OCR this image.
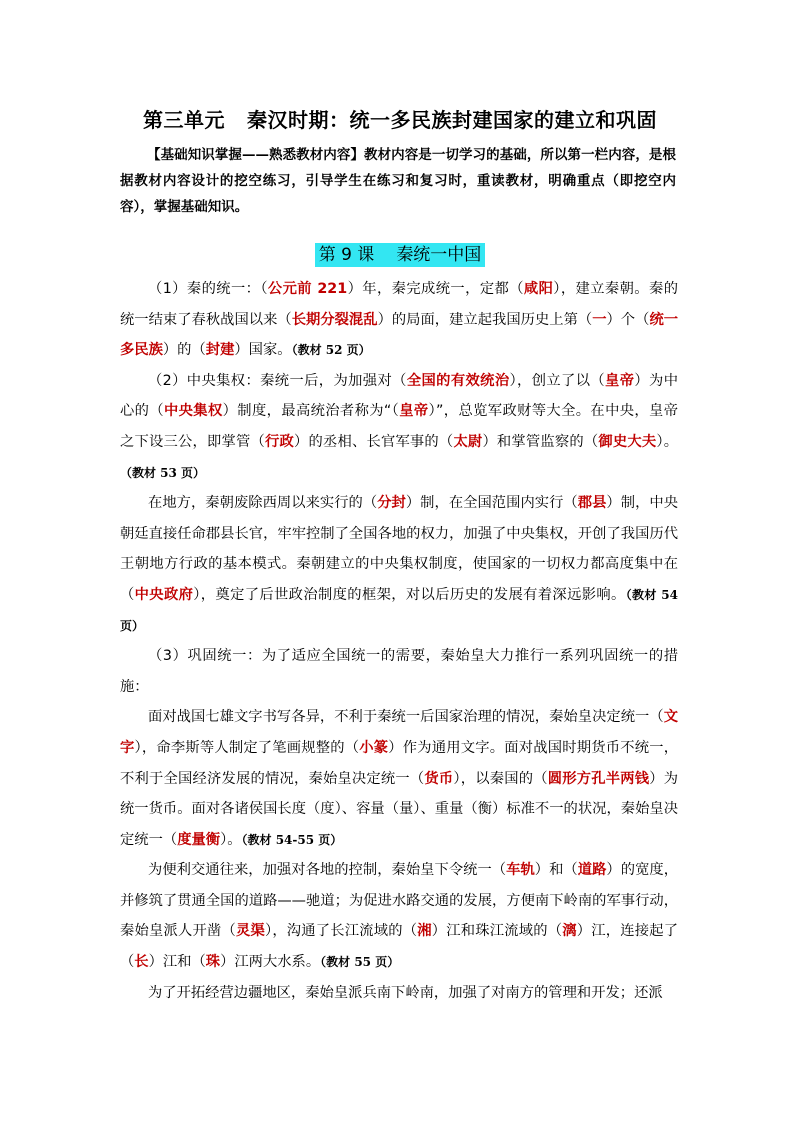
第三单元 秦汉时期：统一多民族封建国家的建立和巩固
【基础知识掌握——熟悉教材内容】教材内容是一切学习的基础，所以第一栏内容，是根据教材内容设计的挖空练习，引导学生在练习和复习时，重读教材，明确重点（即挖空内容），掌握基础知识。
第 9 课 秦统一中国

（1）秦的统一：（公元前 221）年，秦完成统一，定都（咸阳），建立秦朝。秦的统一结束了春秋战国以来（长期分裂混乱）的局面，建立起我国历史上第（一）个（统一多民族）的（封建）国家。（教材 52 页）

（2）中央集权：秦统一后，为加强对（全国的有效统治），创立了以（皇帝）为中心的（中央集权）制度，最高统治者称为“（皇帝）”，总览军政财等大全。在中央，皇帝之下设三公，即掌管（行政）的丞相、长官军事的（太尉）和掌管监察的（御史大夫）。（教材 53 页）

在地方，秦朝废除西周以来实行的（分封）制，在全国范围内实行（郡县）制，中央朝廷直接任命郡县长官，牢牢控制了全国各地的权力，加强了中央集权，开创了我国历代王朝地方行政的基本模式。秦朝建立的中央集权制度，使国家的一切权力都高度集中在（中央政府），奠定了后世政治制度的框架，对以后历史的发展有着深远影响。（教材 54 页）

（3）巩固统一：为了适应全国统一的需要，秦始皇大力推行一系列巩固统一的措施：

面对战国七雄文字书写各异，不利于秦统一后国家治理的情况，秦始皇决定统一（文字），命李斯等人制定了笔画规整的（小篆）作为通用文字。面对战国时期货币不统一，不利于全国经济发展的情况，秦始皇决定统一（货币），以秦国的（圆形方孔半两钱）为统一货币。面对各诸侯国长度（度）、容量（量）、重量（衡）标准不一的状况，秦始皇决定统一（度量衡）。（教材 54-55 页）

为便利交通往来，加强对各地的控制，秦始皇下令统一（车轨）和（道路）的宽度，并修筑了贯通全国的道路——驰道；为促进水路交通的发展，方便南下岭南的军事行动，秦始皇派人开凿（灵渠），沟通了长江流域的（湘）江和珠江流域的（漓）江，连接起了（长）江和（珠）江两大水系。（教材 55 页）

为了开拓经营边疆地区，秦始皇派兵南下岭南，加强了对南方的管理和开发；还派
